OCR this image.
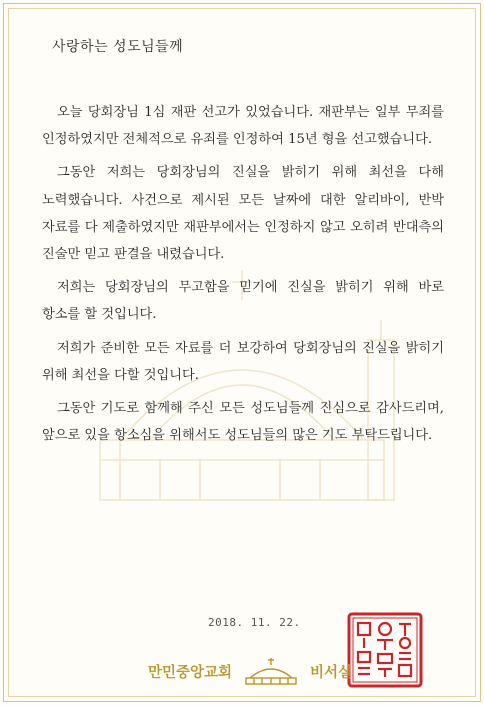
사랑하는 성도님들께

오늘 당회장님 1심 재판 선고가 있었습니다. 재판부는 일부 무죄를 인정하였지만 전체적으로 유죄를 인정하여 15년 형을 선고했습니다.

그동안 저희는 당회장님의 진실을 밝히기 위해 최선을 다해 노력했습니다. 사건으로 제시된 모든 날짜에 대한 알리바이, 반박 자료를 다 제출하였지만 재판부에서는 인정하지 않고 오히려 반대측의 진술만 믿고 판결을 내렸습니다.

저희는 당회장님의 무고함을 믿기에 진실을 밝히기 위해 바로 항소를 할 것입니다.

저희가 준비한 모든 자료를 더 보강하여 당회장님의 진실을 밝히기 위해 최선을 다할 것입니다.

그동안 기도로 함께해 주신 모든 성도님들께 진심으로 감사드리며, 앞으로 있을 항소심을 위해서도 성도님들의 많은 기도 부탁드립니다.

2018. 11. 22.
만민중앙교회	비서실
